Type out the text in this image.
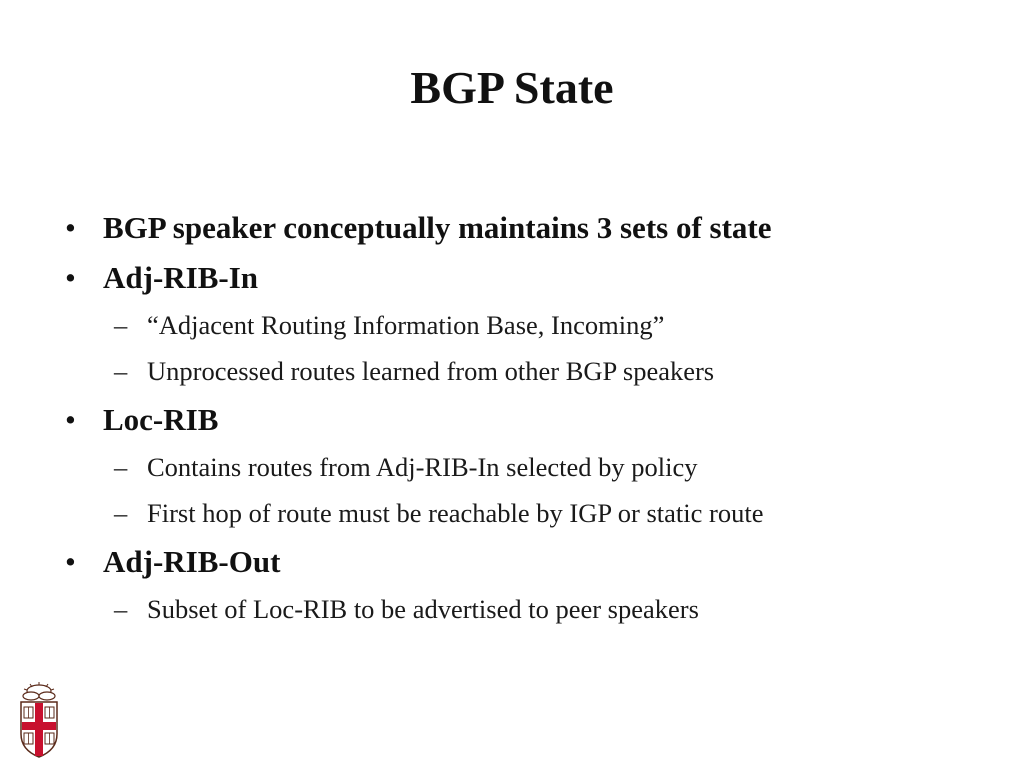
BGP State
• BGP speaker conceptually maintains 3 sets of state
• Adj-RIB-In
– “Adjacent Routing Information Base, Incoming”
– Unprocessed routes learned from other BGP speakers
• Loc-RIB
– Contains routes from Adj-RIB-In selected by policy
– First hop of route must be reachable by IGP or static route
• Adj-RIB-Out
– Subset of Loc-RIB to be advertised to peer speakers
